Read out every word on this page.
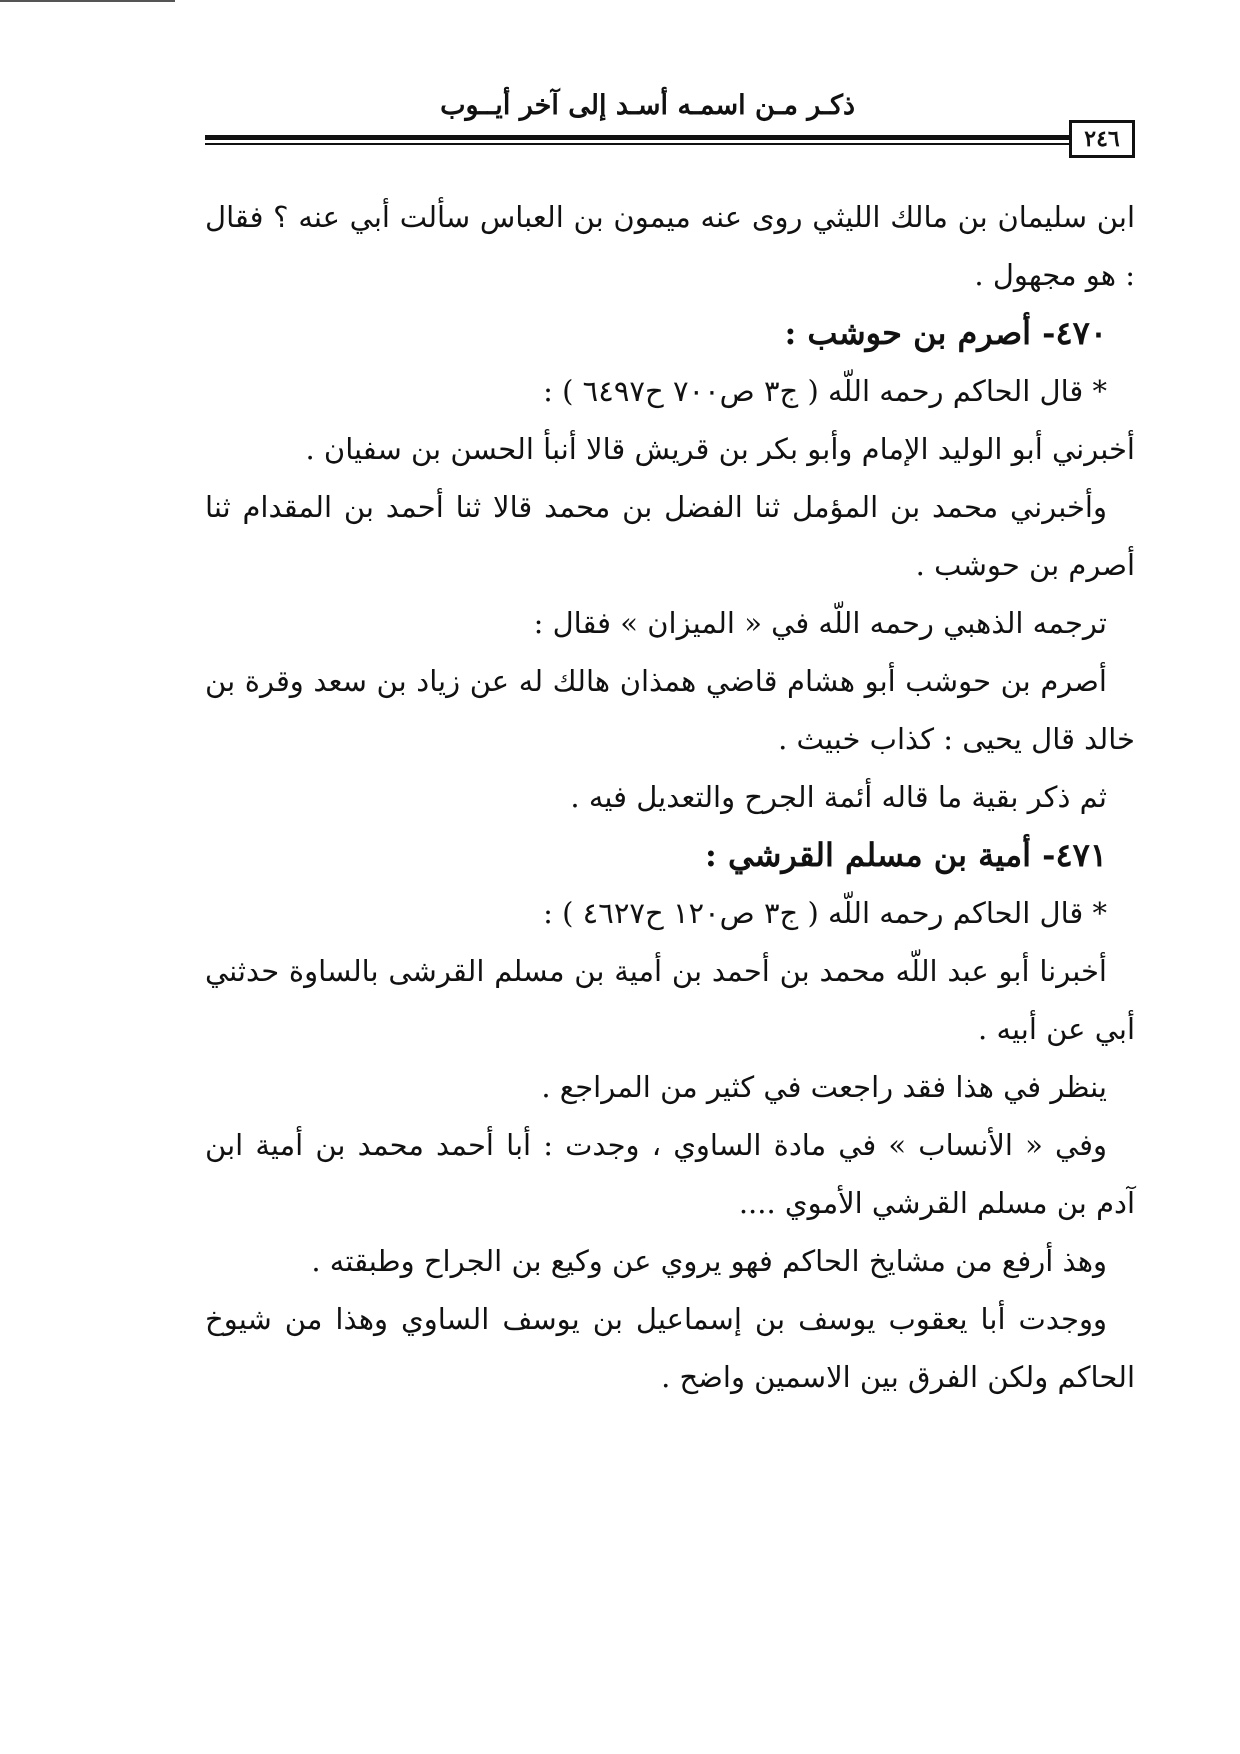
ذكـر مـن اسمـه أسـد إلى آخر أيــوب
٢٤٦

ابن سليمان بن مالك الليثي روى عنه ميمون بن العباس سألت أبي عنه ؟ فقال : هو مجهول .

٤٧٠- أصرم بن حوشب :

* قال الحاكم رحمه اللّه ( ج٣ ص٧٠٠ ح٦٤٩٧ ) :

أخبرني أبو الوليد الإمام وأبو بكر بن قريش قالا أنبأ الحسن بن سفيان .

وأخبرني محمد بن المؤمل ثنا الفضل بن محمد قالا ثنا أحمد بن المقدام ثنا أصرم بن حوشب .

ترجمه الذهبي رحمه اللّه في « الميزان » فقال :

أصرم بن حوشب أبو هشام قاضي همذان هالك له عن زياد بن سعد وقرة بن خالد قال يحيى : كذاب خبيث .

ثم ذكر بقية ما قاله أئمة الجرح والتعديل فيه .

٤٧١- أمية بن مسلم القرشي :

* قال الحاكم رحمه اللّه ( ج٣ ص١٢٠ ح٤٦٢٧ ) :

أخبرنا أبو عبد اللّه محمد بن أحمد بن أمية بن مسلم القرشى بالساوة حدثني أبي عن أبيه .

ينظر في هذا فقد راجعت في كثير من المراجع .

وفي « الأنساب » في مادة الساوي ، وجدت : أبا أحمد محمد بن أمية ابن آدم بن مسلم القرشي الأموي ....

وهذ أرفع من مشايخ الحاكم فهو يروي عن وكيع بن الجراح وطبقته .

ووجدت أبا يعقوب يوسف بن إسماعيل بن يوسف الساوي وهذا من شيوخ الحاكم ولكن الفرق بين الاسمين واضح .
